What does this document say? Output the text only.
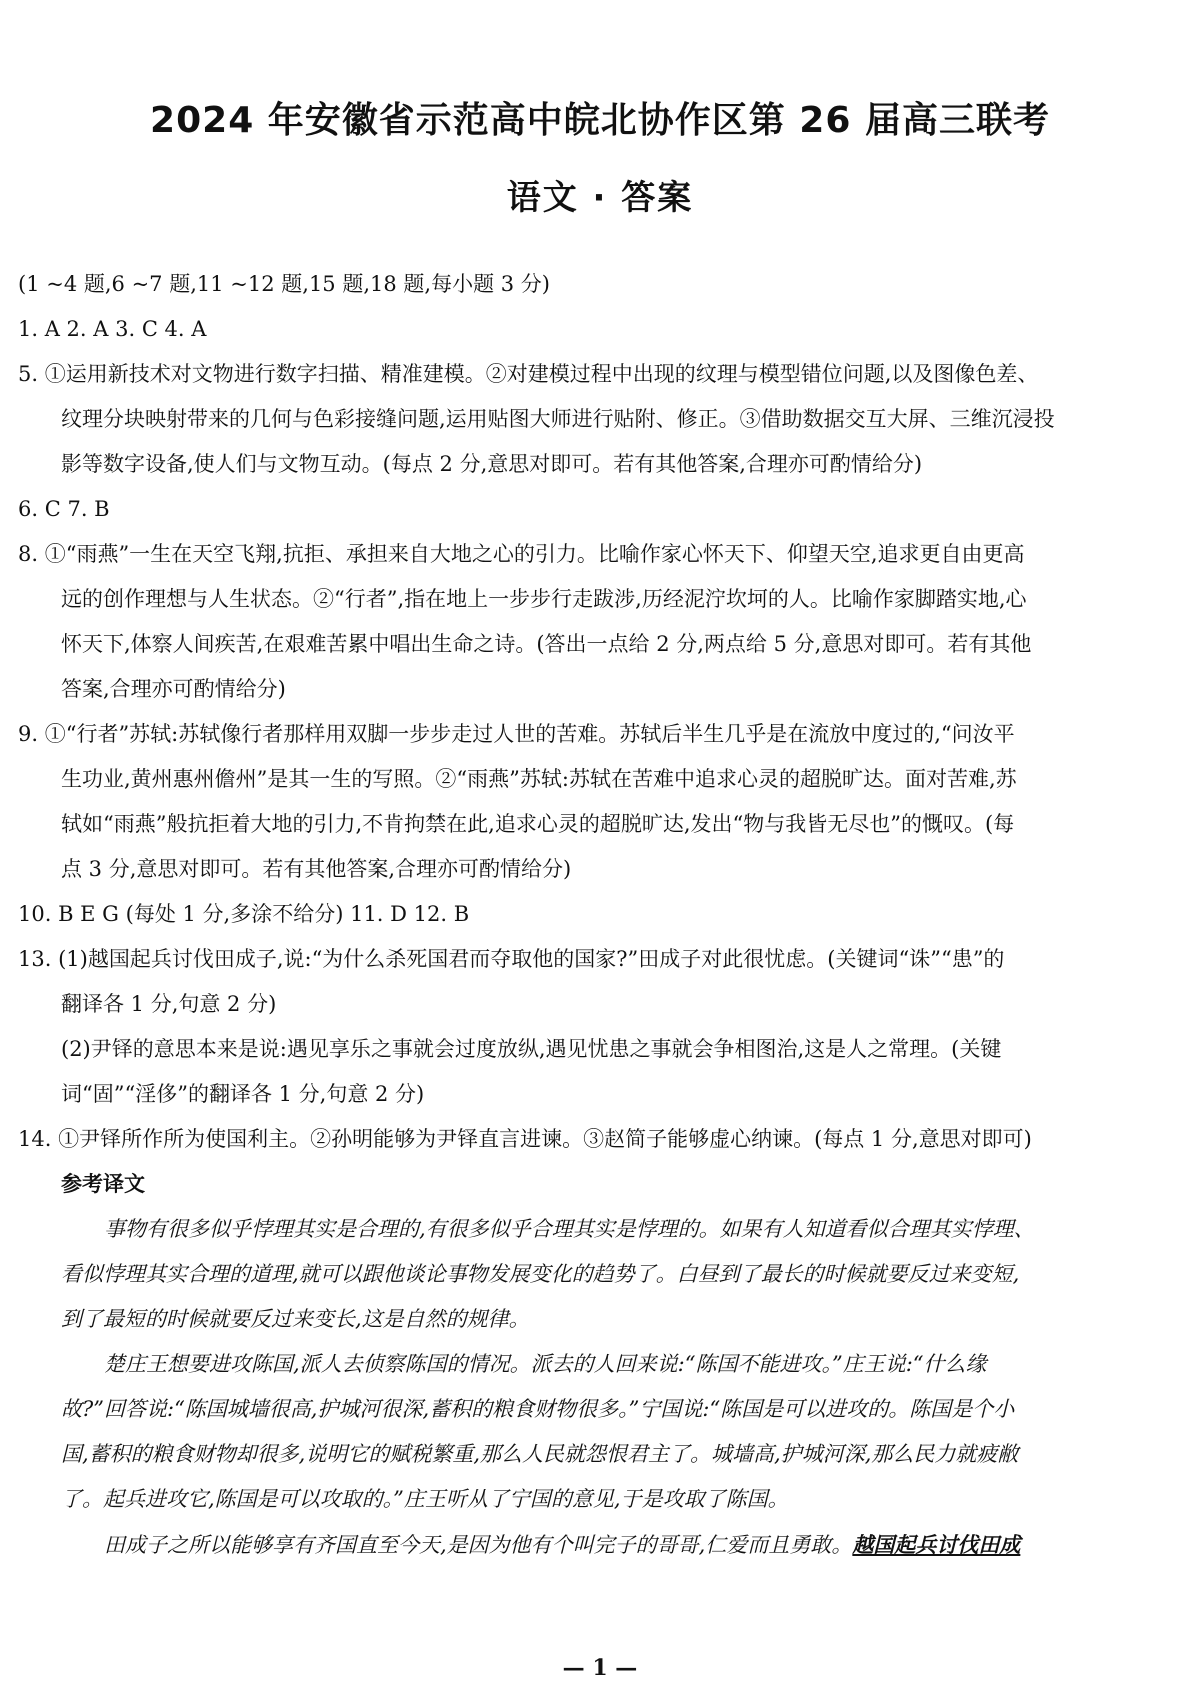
2024 年安徽省示范高中皖北协作区第 26 届高三联考
语文 · 答案
(1 ~4 题,6 ~7 题,11 ~12 题,15 题,18 题,每小题 3 分)
1. A 2. A 3. C 4. A
5. ①运用新技术对文物进行数字扫描、精准建模。②对建模过程中出现的纹理与模型错位问题,以及图像色差、
纹理分块映射带来的几何与色彩接缝问题,运用贴图大师进行贴附、修正。③借助数据交互大屏、三维沉浸投
影等数字设备,使人们与文物互动。(每点 2 分,意思对即可。若有其他答案,合理亦可酌情给分)
6. C 7. B
8. ①“雨燕”一生在天空飞翔,抗拒、承担来自大地之心的引力。比喻作家心怀天下、仰望天空,追求更自由更高
远的创作理想与人生状态。②“行者”,指在地上一步步行走跋涉,历经泥泞坎坷的人。比喻作家脚踏实地,心
怀天下,体察人间疾苦,在艰难苦累中唱出生命之诗。(答出一点给 2 分,两点给 5 分,意思对即可。若有其他
答案,合理亦可酌情给分)
9. ①“行者”苏轼:苏轼像行者那样用双脚一步步走过人世的苦难。苏轼后半生几乎是在流放中度过的,“问汝平
生功业,黄州惠州儋州”是其一生的写照。②“雨燕”苏轼:苏轼在苦难中追求心灵的超脱旷达。面对苦难,苏
轼如“雨燕”般抗拒着大地的引力,不肯拘禁在此,追求心灵的超脱旷达,发出“物与我皆无尽也”的慨叹。(每
点 3 分,意思对即可。若有其他答案,合理亦可酌情给分)
10. B E G (每处 1 分,多涂不给分) 11. D 12. B
13. (1)越国起兵讨伐田成子,说:“为什么杀死国君而夺取他的国家?”田成子对此很忧虑。(关键词“诛”“患”的
翻译各 1 分,句意 2 分)
(2)尹铎的意思本来是说:遇见享乐之事就会过度放纵,遇见忧患之事就会争相图治,这是人之常理。(关键
词“固”“淫侈”的翻译各 1 分,句意 2 分)
14. ①尹铎所作所为使国利主。②孙明能够为尹铎直言进谏。③赵简子能够虚心纳谏。(每点 1 分,意思对即可)
参考译文
事物有很多似乎悖理其实是合理的,有很多似乎合理其实是悖理的。如果有人知道看似合理其实悖理、
看似悖理其实合理的道理,就可以跟他谈论事物发展变化的趋势了。白昼到了最长的时候就要反过来变短,
到了最短的时候就要反过来变长,这是自然的规律。
楚庄王想要进攻陈国,派人去侦察陈国的情况。派去的人回来说:“陈国不能进攻。”庄王说:“什么缘
故?”回答说:“陈国城墙很高,护城河很深,蓄积的粮食财物很多。”宁国说:“陈国是可以进攻的。陈国是个小
国,蓄积的粮食财物却很多,说明它的赋税繁重,那么人民就怨恨君主了。城墙高,护城河深,那么民力就疲敝
了。起兵进攻它,陈国是可以攻取的。”庄王听从了宁国的意见,于是攻取了陈国。
田成子之所以能够享有齐国直至今天,是因为他有个叫完子的哥哥,仁爱而且勇敢。越国起兵讨伐田成
— 1 —
